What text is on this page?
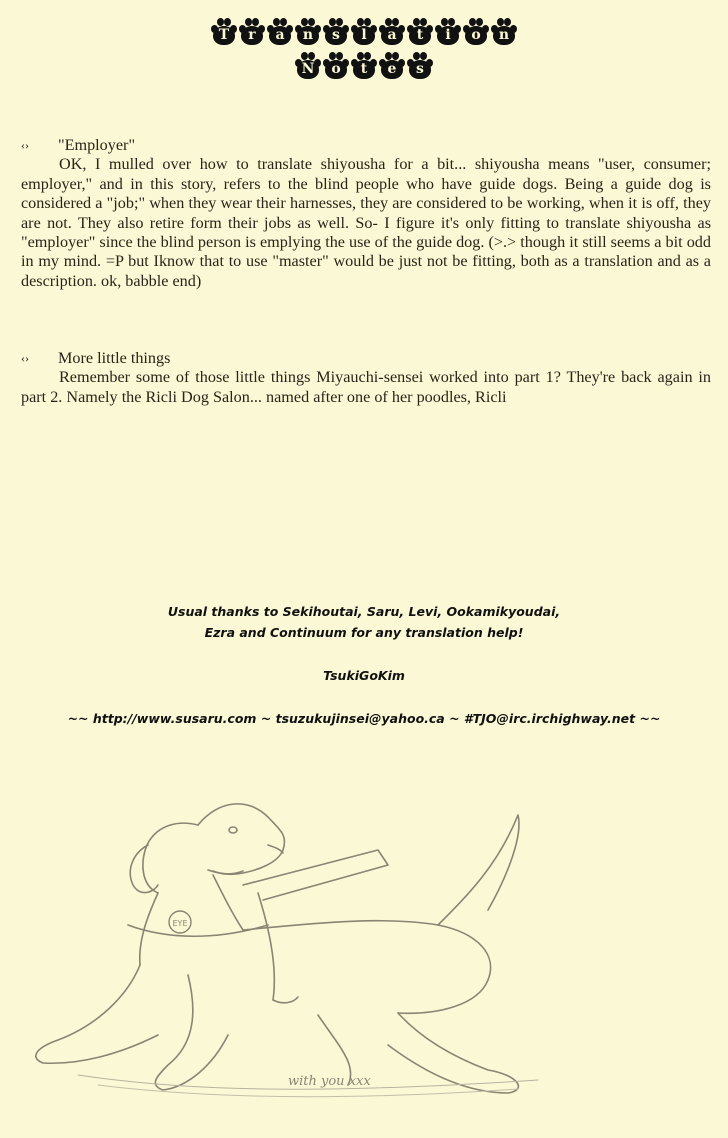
T	r	a	n	s	l	a	t	i	o	n
N	o	t	e	s
‹›	"Employer"

OK, I mulled over how to translate shiyousha for a bit... shiyousha means "user, consumer; employer," and in this story, refers to the blind people who have guide dogs. Being a guide dog is considered a "job;" when they wear their harnesses, they are considered to be working, when it is off, they are not. They also retire form their jobs as well. So- I figure it's only fitting to translate shiyousha as "employer" since the blind person is emplying the use of the guide dog. (>.> though it still seems a bit odd in my mind. =P but Iknow that to use "master" would be just not be fitting, both as a translation and as a description. ok, babble end)

‹›	More little things

Remember some of those little things Miyauchi-sensei worked into part 1? They're back again in part 2. Namely the Ricli Dog Salon... named after one of her poodles, Ricli

Usual thanks to Sekihoutai, Saru, Levi, Ookamikyoudai,

Ezra and Continuum for any translation help!

TsukiGoKim

~~ http://www.susaru.com ~ tsuzukujinsei@yahoo.ca ~ #TJO@irc.irchighway.net ~~

EYE
with you xxx
